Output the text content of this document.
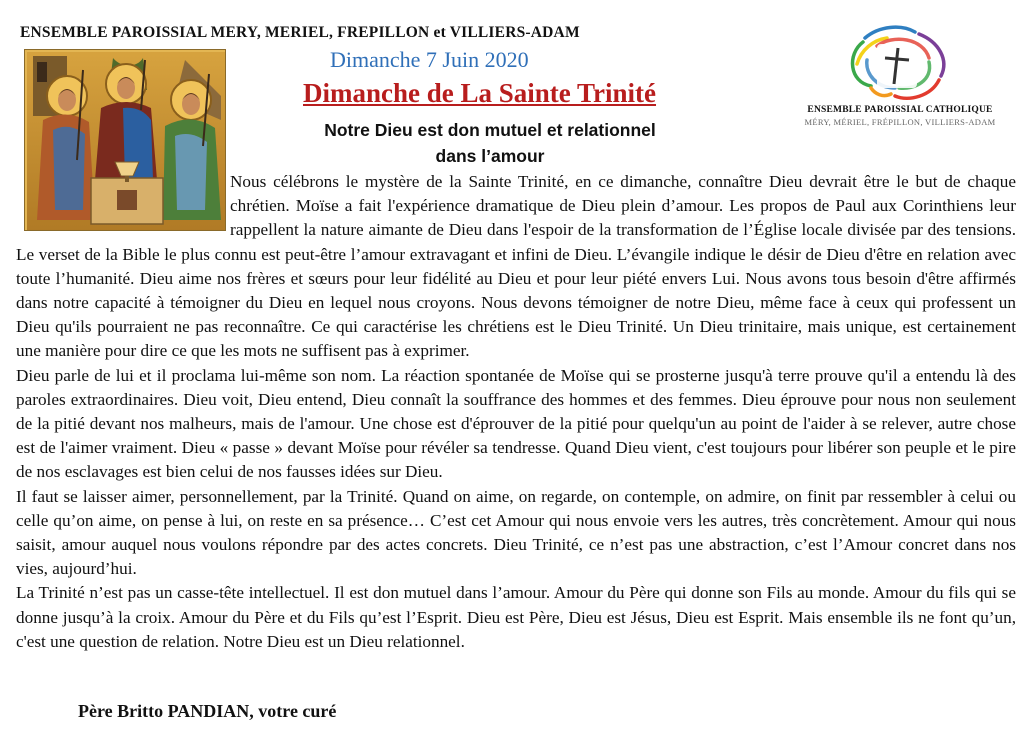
ENSEMBLE PAROISSIAL MERY, MERIEL, FREPILLON et VILLIERS-ADAM
Dimanche 7 Juin 2020
Dimanche de La Sainte Trinité
Notre Dieu est don mutuel et relationnel
dans l’amour
ENSEMBLE PAROISSIAL CATHOLIQUE
MÉRY, MÉRIEL, FRÉPILLON, VILLIERS-ADAM

Nous célébrons le mystère de la Sainte Trinité, en ce dimanche, connaître Dieu devrait être le but de chaque chrétien. Moïse a fait l'expérience dramatique de Dieu plein d’amour. Les propos de Paul aux Corinthiens leur rappellent la nature aimante de Dieu dans l'espoir de la transformation de l’Église locale divisée par des tensions. Le verset de la Bible le plus connu est peut-être l’amour extravagant et infini de Dieu. L’évangile indique le désir de Dieu d'être en relation avec toute l’humanité. Dieu aime nos frères et sœurs pour leur fidélité au Dieu et pour leur piété envers Lui. Nous avons tous besoin d'être affirmés dans notre capacité à témoigner du Dieu en lequel nous croyons. Nous devons témoigner de notre Dieu, même face à ceux qui professent un Dieu qu'ils pourraient ne pas reconnaître. Ce qui caractérise les chrétiens est le Dieu Trinité. Un Dieu trinitaire, mais unique, est certainement une manière pour dire ce que les mots ne suffisent pas à exprimer.

Dieu parle de lui et il proclama lui-même son nom. La réaction spontanée de Moïse qui se prosterne jusqu'à terre prouve qu'il a entendu là des paroles extraordinaires. Dieu voit, Dieu entend, Dieu connaît la souffrance des hommes et des femmes. Dieu éprouve pour nous non seulement de la pitié devant nos malheurs, mais de l'amour. Une chose est d'éprouver de la pitié pour quelqu'un au point de l'aider à se relever, autre chose est de l'aimer vraiment. Dieu « passe » devant Moïse pour révéler sa tendresse. Quand Dieu vient, c'est toujours pour libérer son peuple et le pire de nos esclavages est bien celui de nos fausses idées sur Dieu.

Il faut se laisser aimer, personnellement, par la Trinité. Quand on aime, on regarde, on contemple, on admire, on finit par ressembler à celui ou celle qu’on aime, on pense à lui, on reste en sa présence… C’est cet Amour qui nous envoie vers les autres, très concrètement. Amour qui nous saisit, amour auquel nous voulons répondre par des actes concrets. Dieu Trinité, ce n’est pas une abstraction, c’est l’Amour concret dans nos vies, aujourd’hui.

La Trinité n’est pas un casse-tête intellectuel. Il est don mutuel dans l’amour. Amour du Père qui donne son Fils au monde. Amour du fils qui se donne jusqu’à la croix. Amour du Père et du Fils qu’est l’Esprit. Dieu est Père, Dieu est Jésus, Dieu est Esprit. Mais ensemble ils ne font qu’un, c'est une question de relation. Notre Dieu est un Dieu relationnel.

Père Britto PANDIAN, votre curé
